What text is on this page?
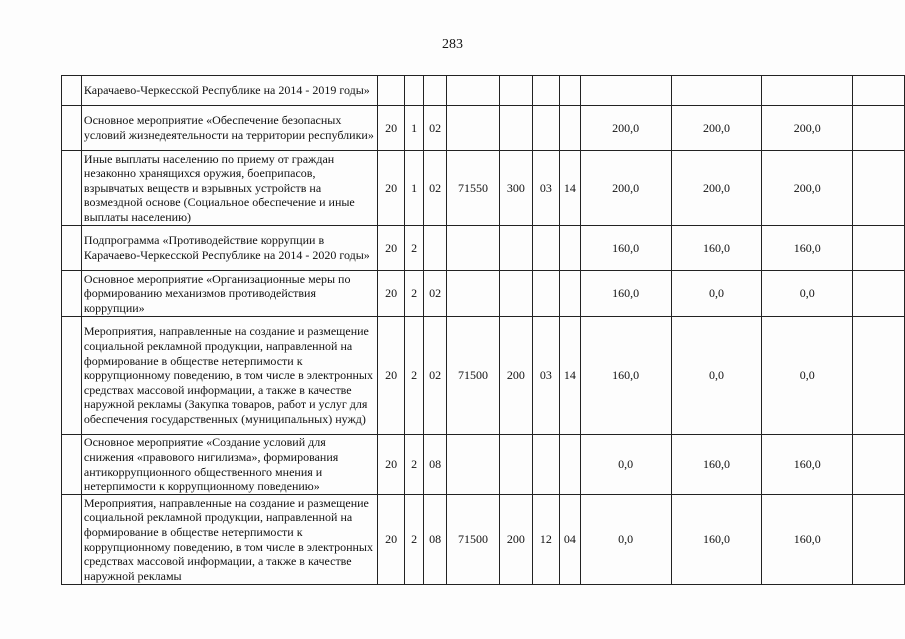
283
	Карачаево-Черкесской Республике на 2014 - 2019 годы»											
	Основное мероприятие «Обеспечение безопасных условий жизнедеятельности на территории республики»	20	1	02					200,0	200,0	200,0	
	Иные выплаты населению по приему от граждан незаконно хранящихся оружия, боеприпасов, взрывчатых веществ и взрывных устройств на возмездной основе (Социальное обеспечение и иные выплаты населению)	20	1	02	71550	300	03	14	200,0	200,0	200,0	
	Подпрограмма «Противодействие коррупции в Карачаево-Черкесской Республике на 2014 - 2020 годы»	20	2						160,0	160,0	160,0	
	Основное мероприятие «Организационные меры по формированию механизмов противодействия коррупции»	20	2	02					160,0	0,0	0,0	
	Мероприятия, направленные на создание и размещение социальной рекламной продукции, направленной на формирование в обществе нетерпимости к коррупционному поведению, в том числе в электронных средствах массовой информации, а также в качестве наружной рекламы (Закупка товаров, работ и услуг для обеспечения государственных (муниципальных) нужд)	20	2	02	71500	200	03	14	160,0	0,0	0,0	
	Основное мероприятие «Создание условий для снижения «правового нигилизма», формирования антикоррупционного общественного мнения и нетерпимости к коррупционному поведению»	20	2	08					0,0	160,0	160,0	
	Мероприятия, направленные на создание и размещение социальной рекламной продукции, направленной на формирование в обществе нетерпимости к коррупционному поведению, в том числе в электронных средствах массовой информации, а также в качестве наружной рекламы	20	2	08	71500	200	12	04	0,0	160,0	160,0	
